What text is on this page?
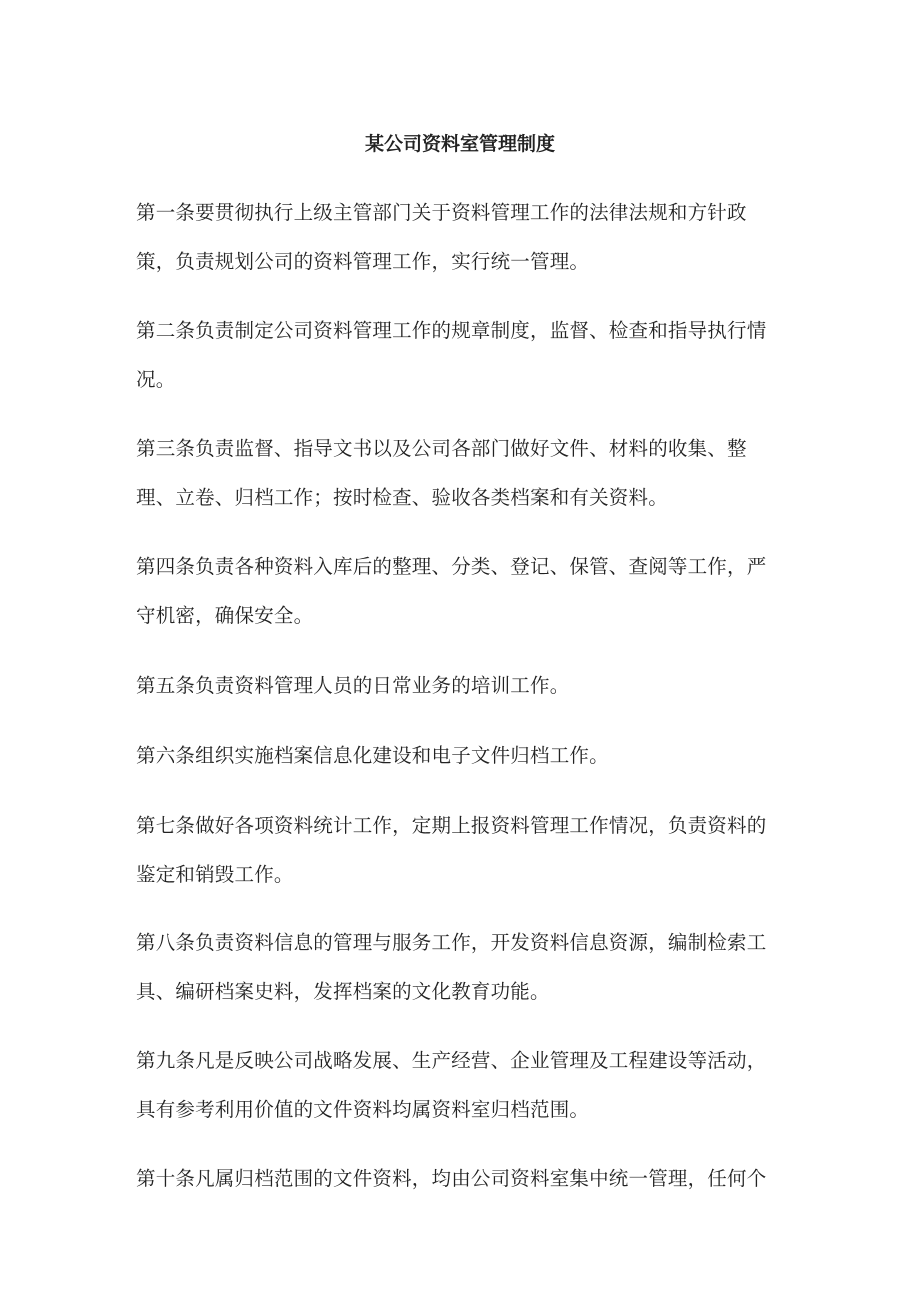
某公司资料室管理制度

第一条要贯彻执行上级主管部门关于资料管理工作的法律法规和方针政
策，负责规划公司的资料管理工作，实行统一管理。

第二条负责制定公司资料管理工作的规章制度，监督、检查和指导执行情
况。

第三条负责监督、指导文书以及公司各部门做好文件、材料的收集、整
理、立卷、归档工作；按时检查、验收各类档案和有关资料。

第四条负责各种资料入库后的整理、分类、登记、保管、查阅等工作，严
守机密，确保安全。

第五条负责资料管理人员的日常业务的培训工作。

第六条组织实施档案信息化建设和电子文件归档工作。

第七条做好各项资料统计工作，定期上报资料管理工作情况，负责资料的
鉴定和销毁工作。

第八条负责资料信息的管理与服务工作，开发资料信息资源，编制检索工
具、编研档案史料，发挥档案的文化教育功能。

第九条凡是反映公司战略发展、生产经营、企业管理及工程建设等活动，
具有参考利用价值的文件资料均属资料室归档范围。

第十条凡属归档范围的文件资料，均由公司资料室集中统一管理，任何个
